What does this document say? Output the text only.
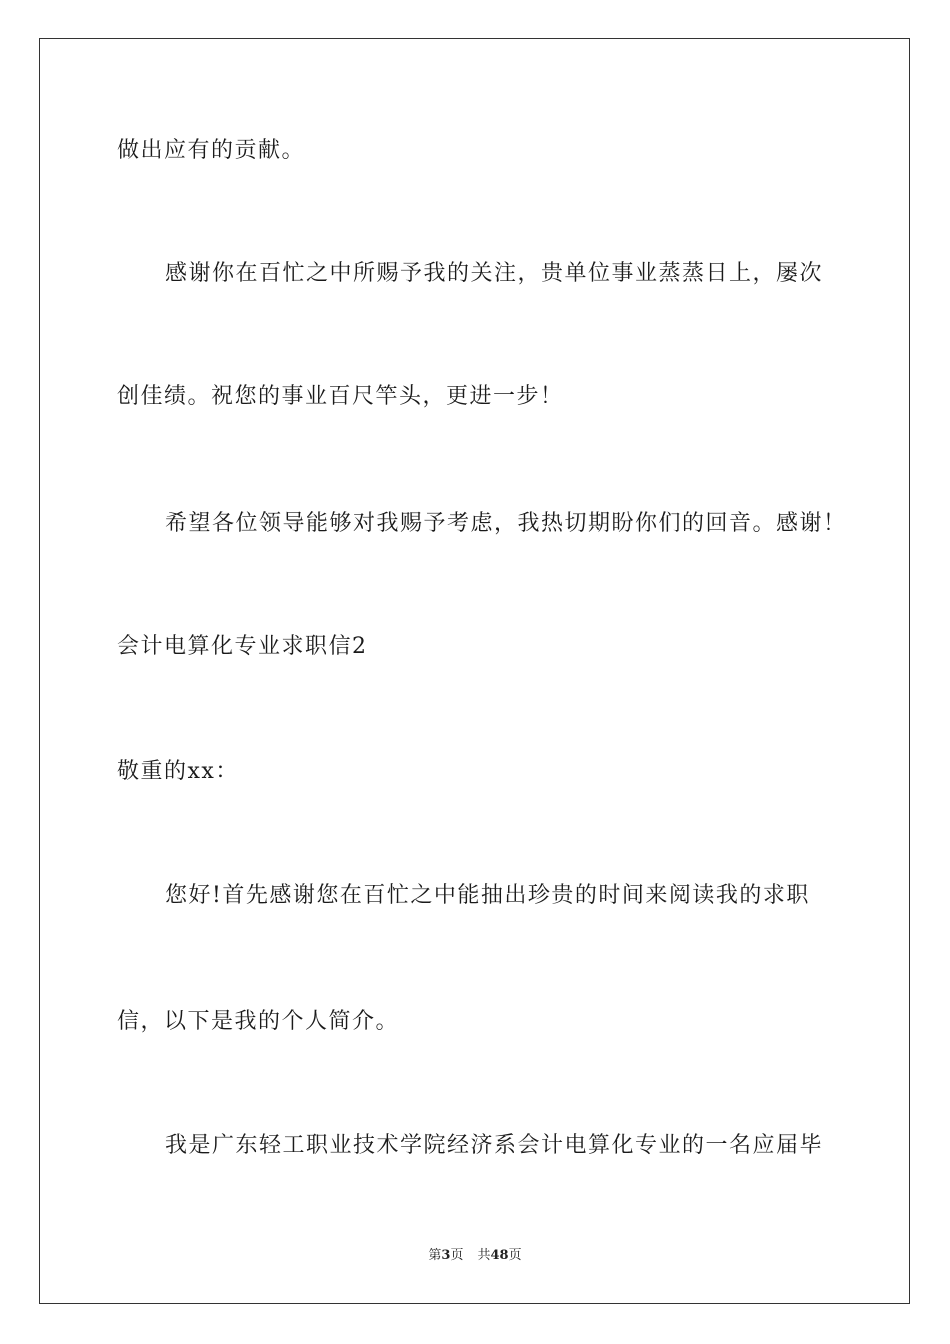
做出应有的贡献。
感谢你在百忙之中所赐予我的关注，贵单位事业蒸蒸日上，屡次
创佳绩。祝您的事业百尺竿头，更进一步！
希望各位领导能够对我赐予考虑，我热切期盼你们的回音。感谢！
会计电算化专业求职信2
敬重的xx：
您好!首先感谢您在百忙之中能抽出珍贵的时间来阅读我的求职
信，以下是我的个人简介。
我是广东轻工职业技术学院经济系会计电算化专业的一名应届毕
第3页 共48页
